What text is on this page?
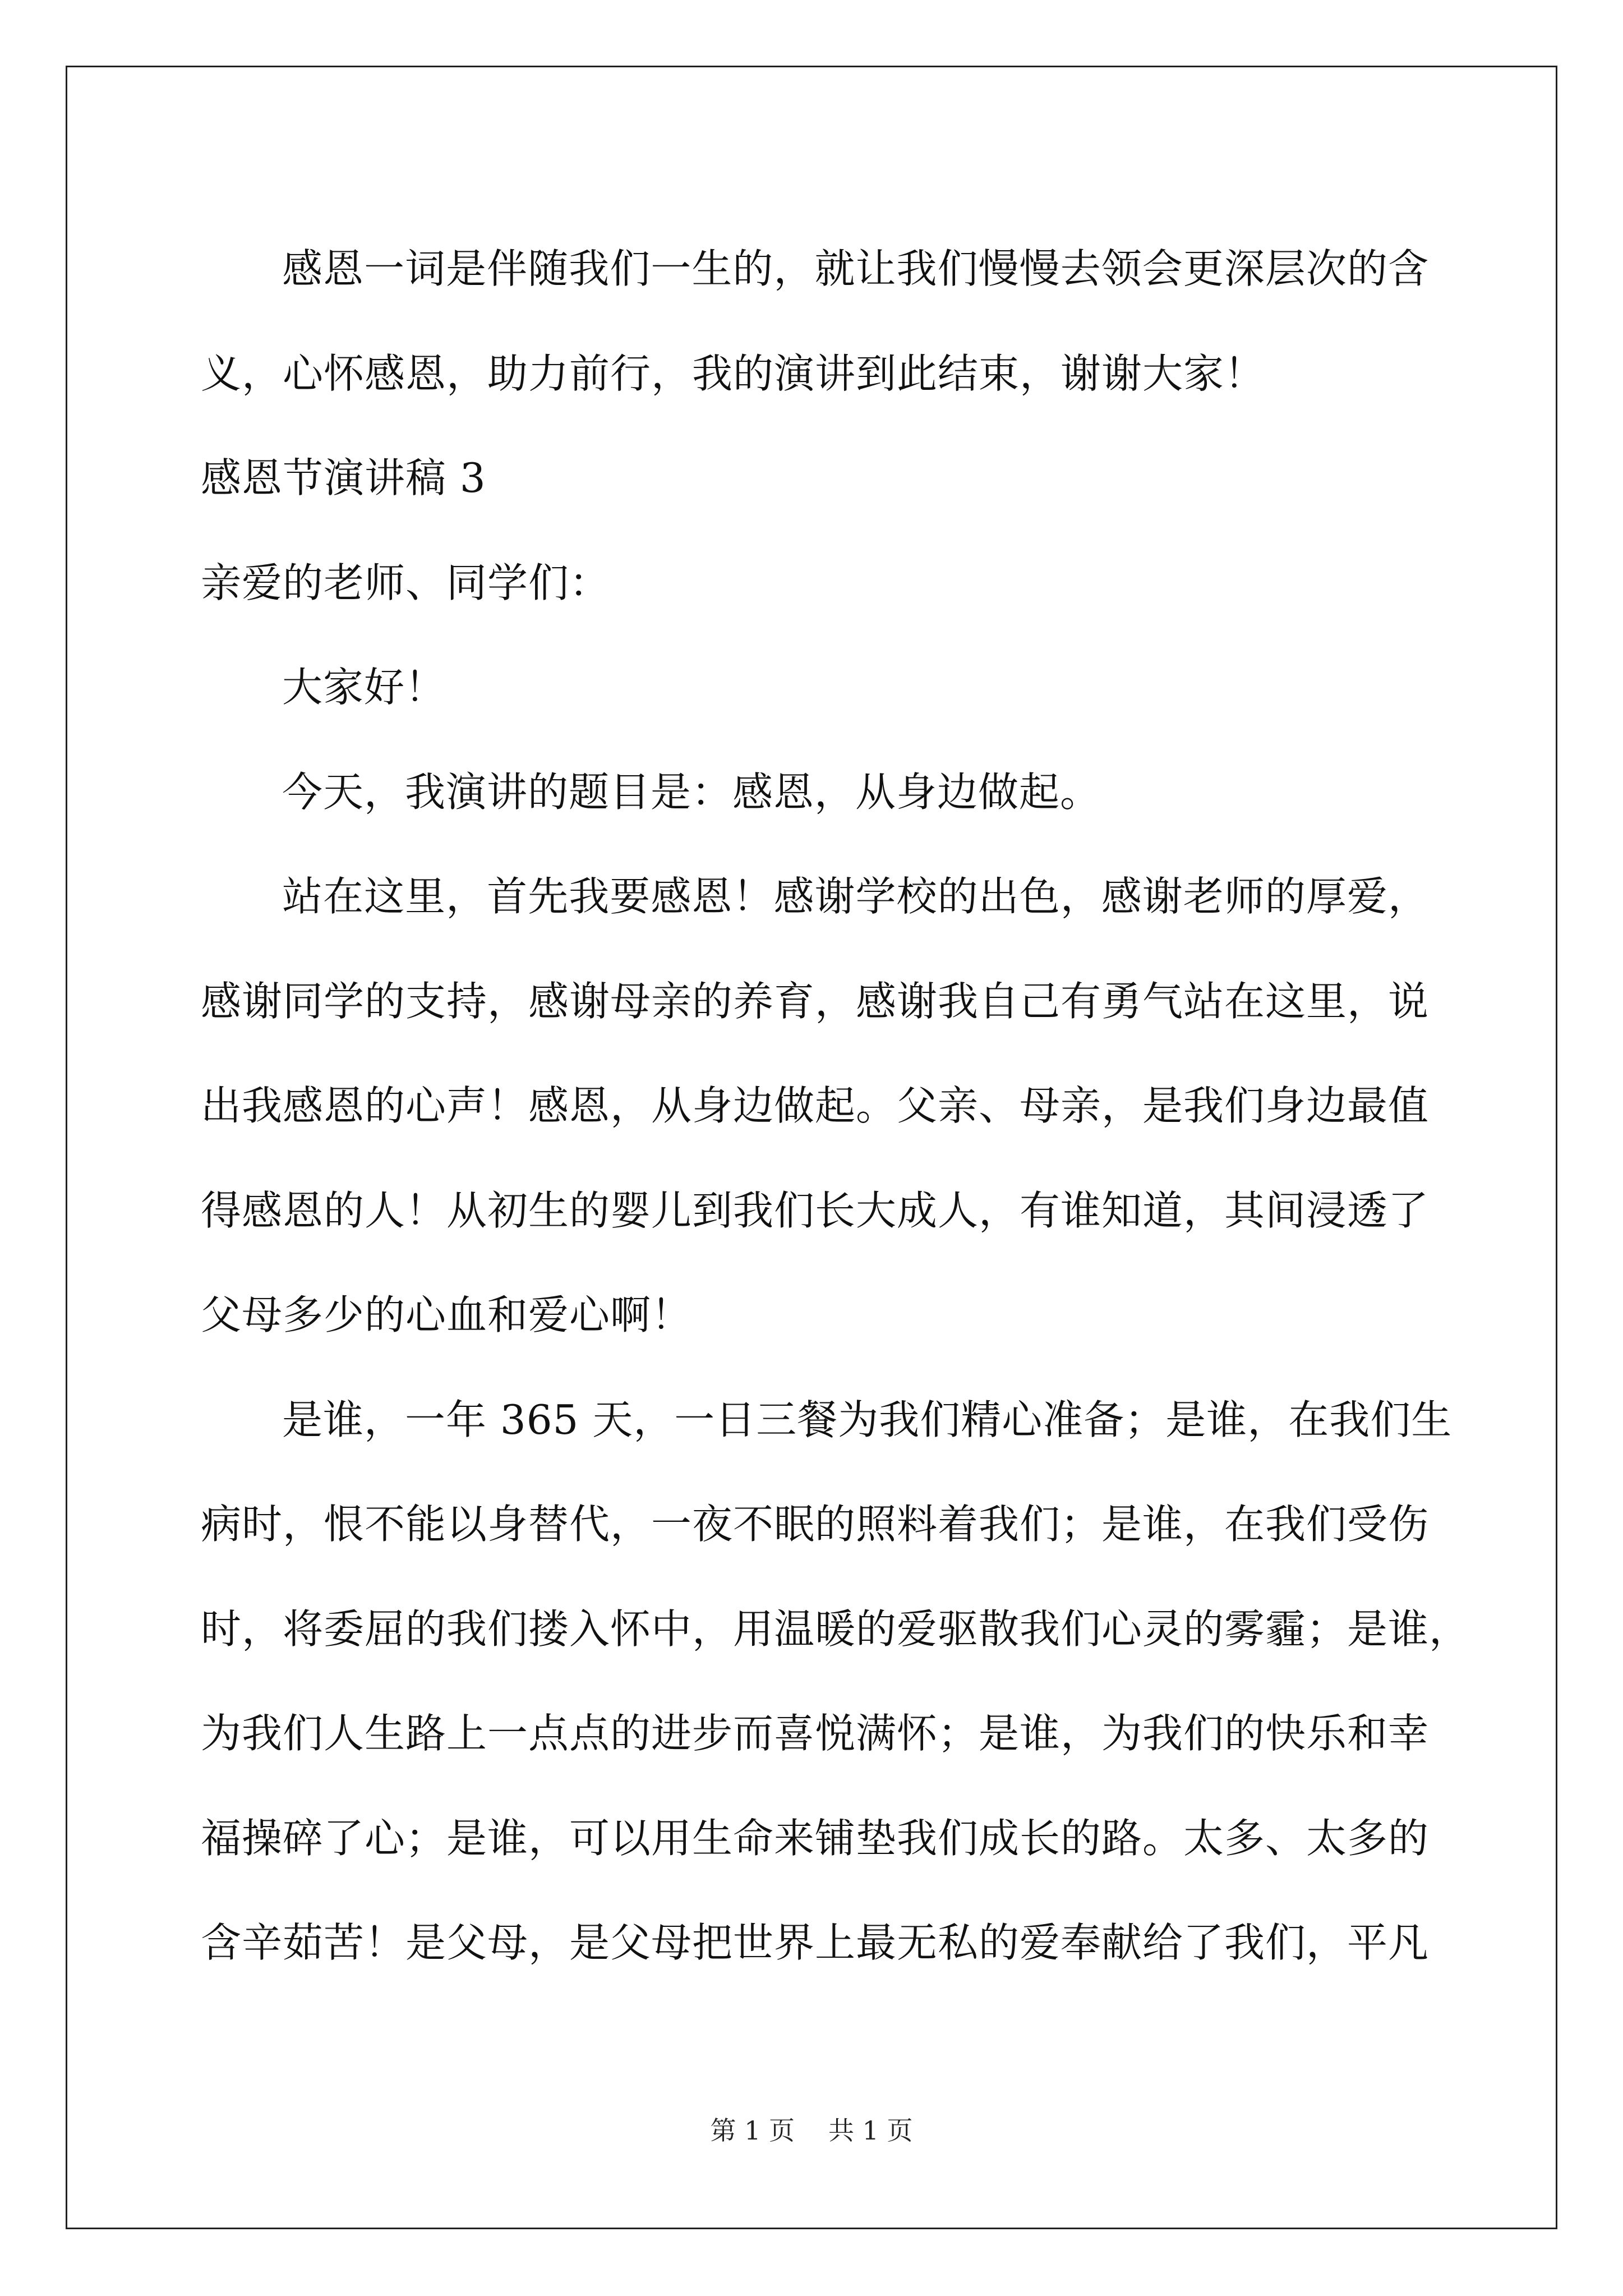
感恩一词是伴随我们一生的，就让我们慢慢去领会更深层次的含
义，心怀感恩，助力前行，我的演讲到此结束，谢谢大家！
感恩节演讲稿 3
亲爱的老师、同学们：
大家好！
今天，我演讲的题目是：感恩，从身边做起。
站在这里，首先我要感恩！感谢学校的出色，感谢老师的厚爱，
感谢同学的支持，感谢母亲的养育，感谢我自己有勇气站在这里，说
出我感恩的心声！感恩，从身边做起。父亲、母亲，是我们身边最值
得感恩的人！从初生的婴儿到我们长大成人，有谁知道，其间浸透了
父母多少的心血和爱心啊！
是谁，一年 365 天，一日三餐为我们精心准备；是谁，在我们生
病时，恨不能以身替代，一夜不眠的照料着我们；是谁，在我们受伤
时，将委屈的我们搂入怀中，用温暖的爱驱散我们心灵的雾霾；是谁，
为我们人生路上一点点的进步而喜悦满怀；是谁，为我们的快乐和幸
福操碎了心；是谁，可以用生命来铺垫我们成长的路。太多、太多的
含辛茹苦！是父母，是父母把世界上最无私的爱奉献给了我们，平凡
第 1 页 共 1 页
